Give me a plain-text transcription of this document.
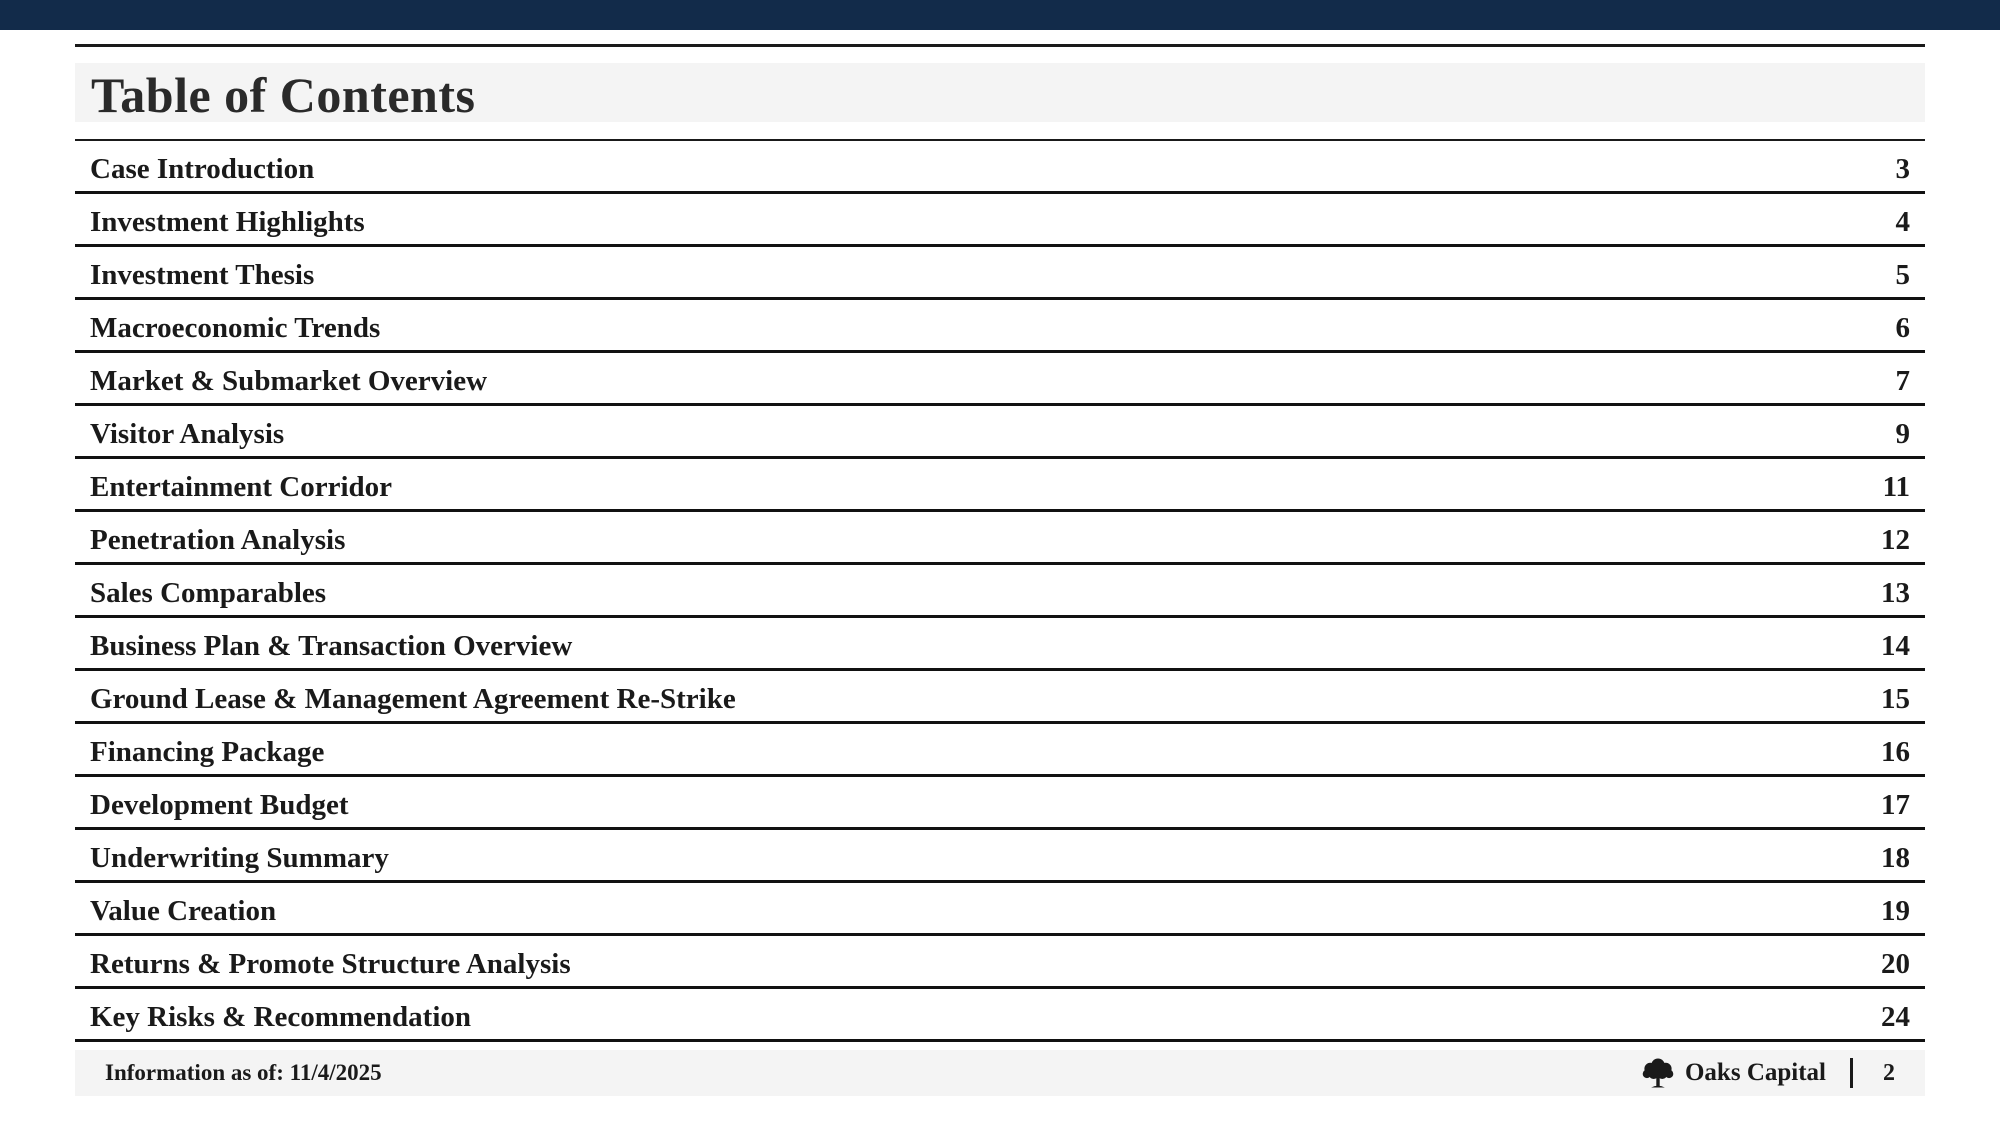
Table of Contents
Case Introduction	3
Investment Highlights	4
Investment Thesis	5
Macroeconomic Trends	6
Market & Submarket Overview	7
Visitor Analysis	9
Entertainment Corridor	11
Penetration Analysis	12
Sales Comparables	13
Business Plan & Transaction Overview	14
Ground Lease & Management Agreement Re-Strike	15
Financing Package	16
Development Budget	17
Underwriting Summary	18
Value Creation	19
Returns & Promote Structure Analysis	20
Key Risks & Recommendation	24
Information as of: 11/4/2025	Oaks Capital 2
